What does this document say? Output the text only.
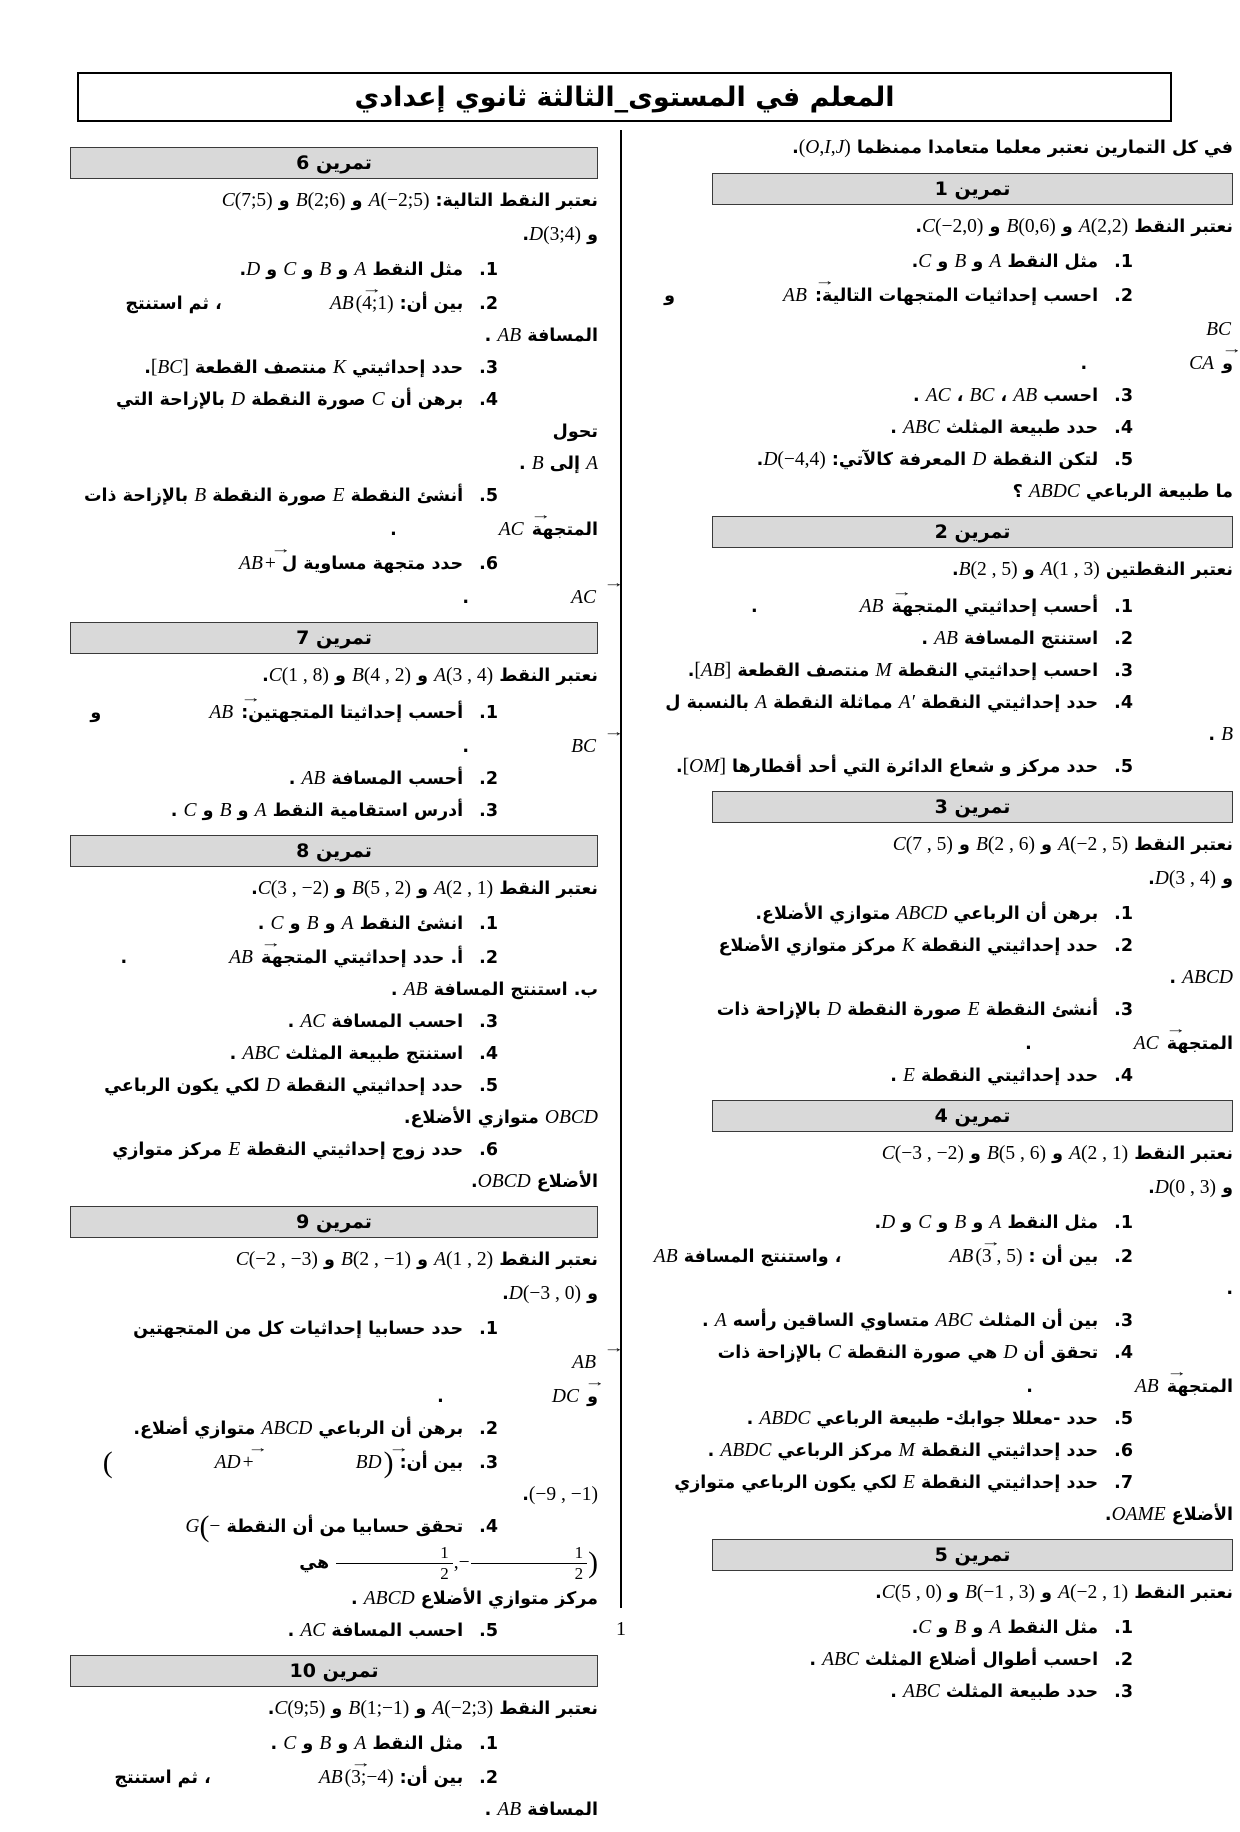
المعلم في المستوى_الثالثة ثانوي إعدادي

في كل التمارين نعتبر معلما متعامدا ممنظما (O,I,J).

تمرين 1

نعتبر النقط A(2,2) و B(0,6) و C(−2,0).

1.مثل النقط A و B و C.

2.احسب إحداثيات المتجهات التالية: → AB و → BC
و → CA.

3.احسب AB ، BC ، AC .

4.حدد طبيعة المثلث ABC .

5.لتكن النقطة D المعرفة كالآتي: D(−4,4).
ما طبيعة الرباعي ABDC ؟

تمرين 2

نعتبر النقطتين A(1 , 3) و B(2 , 5).

1.أحسب إحداثيتي المتجهة → AB.

2.استنتج المسافة AB .

3.احسب إحداثيتي النقطة M منتصف القطعة [AB].

4.حدد إحداثيتي النقطة A′ مماثلة النقطة A بالنسبة ل
B .

5.حدد مركز و شعاع الدائرة التي أحد أقطارها [OM].

تمرين 3

نعتبر النقط A(−2 , 5) و B(2 , 6) و C(7 , 5)
و D(3 , 4).

1.برهن أن الرباعي ABCD متوازي الأضلاع.

2.حدد إحداثيتي النقطة K مركز متوازي الأضلاع
ABCD .

3.أنشئ النقطة E صورة النقطة D بالإزاحة ذات
المتجهة → AC.

4.حدد إحداثيتي النقطة E .

تمرين 4

نعتبر النقط A(2 , 1) و B(5 , 6) و C(−3 , −2)
و D(0 , 3).

1.مثل النقط A و B و C و D.

2.بين أن : → AB (3 , 5) ، واستنتج المسافة AB .

3.بين أن المثلث ABC متساوي الساقين رأسه A .

4.تحقق أن D هي صورة النقطة C بالإزاحة ذات
المتجهة → AB.

5.حدد -معللا جوابك- طبيعة الرباعي ABDC .

6.حدد إحداثيتي النقطة M مركز الرباعي ABDC .

7.حدد إحداثيتي النقطة E لكي يكون الرباعي متوازي
الأضلاع OAME.

تمرين 5

نعتبر النقط A(−2 , 1) و B(−1 , 3) و C(5 , 0).

1.مثل النقط A و B و C.

2.احسب أطوال أضلاع المثلث ABC .

3.حدد طبيعة المثلث ABC .

تمرين 6

نعتبر النقط التالية: A(−2;5) و B(2;6) و C(7;5)
و D(3;4).

1.مثل النقط A و B و C و D.

2.بين أن: → AB (4;1) ، ثم استنتج المسافة AB .

3.حدد إحداثيتي K منتصف القطعة [BC].

4.برهن أن C صورة النقطة D بالإزاحة التي تحول
A إلى B .

5.أنشئ النقطة E صورة النقطة B بالإزاحة ذات
المتجهة → AC.

6.حدد متجهة مساوية ل → AB +→ AC.

تمرين 7

نعتبر النقط A(3 , 4) و B(4 , 2) و C(1 , 8).

1.أحسب إحداثيتا المتجهتين: → AB و → BC.

2.أحسب المسافة AB .

3.أدرس استقامية النقط A و B و C .

تمرين 8

نعتبر النقط A(2 , 1) و B(5 , 2) و C(3 , −2).

1.انشئ النقط A و B و C .

2.أ. حدد إحداثيتي المتجهة → AB.
ب. استنتج المسافة AB .

3.احسب المسافة AC .

4.استنتج طبيعة المثلث ABC .

5.حدد إحداثيتي النقطة D لكي يكون الرباعي
OBCD متوازي الأضلاع.

6.حدد زوج إحداثيتي النقطة E مركز متوازي
الأضلاع OBCD.

تمرين 9

نعتبر النقط A(1 , 2) و B(2 , −1) و C(−2 , −3)
و D(−3 , 0).

1.حدد حسابيا إحداثيات كل من المتجهتين → AB
و → DC .

2.برهن أن الرباعي ABCD متوازي أضلاع.

3.بين أن: (	→ AD +	→ BD) (−9 , −1).

4.تحقق حسابيا من أن النقطة G(−
$\frac{1}{2}$ ,− $\frac{1}{2}$ ) هي
مركز متوازي الأضلاع ABCD .

5.احسب المسافة AC .

تمرين 10

نعتبر النقط A(−2;3) و B(1;−1) و C(9;5).

1.مثل النقط A و B و C .

2.بين أن: → AB (3;−4) ، ثم استنتج المسافة AB .

1
